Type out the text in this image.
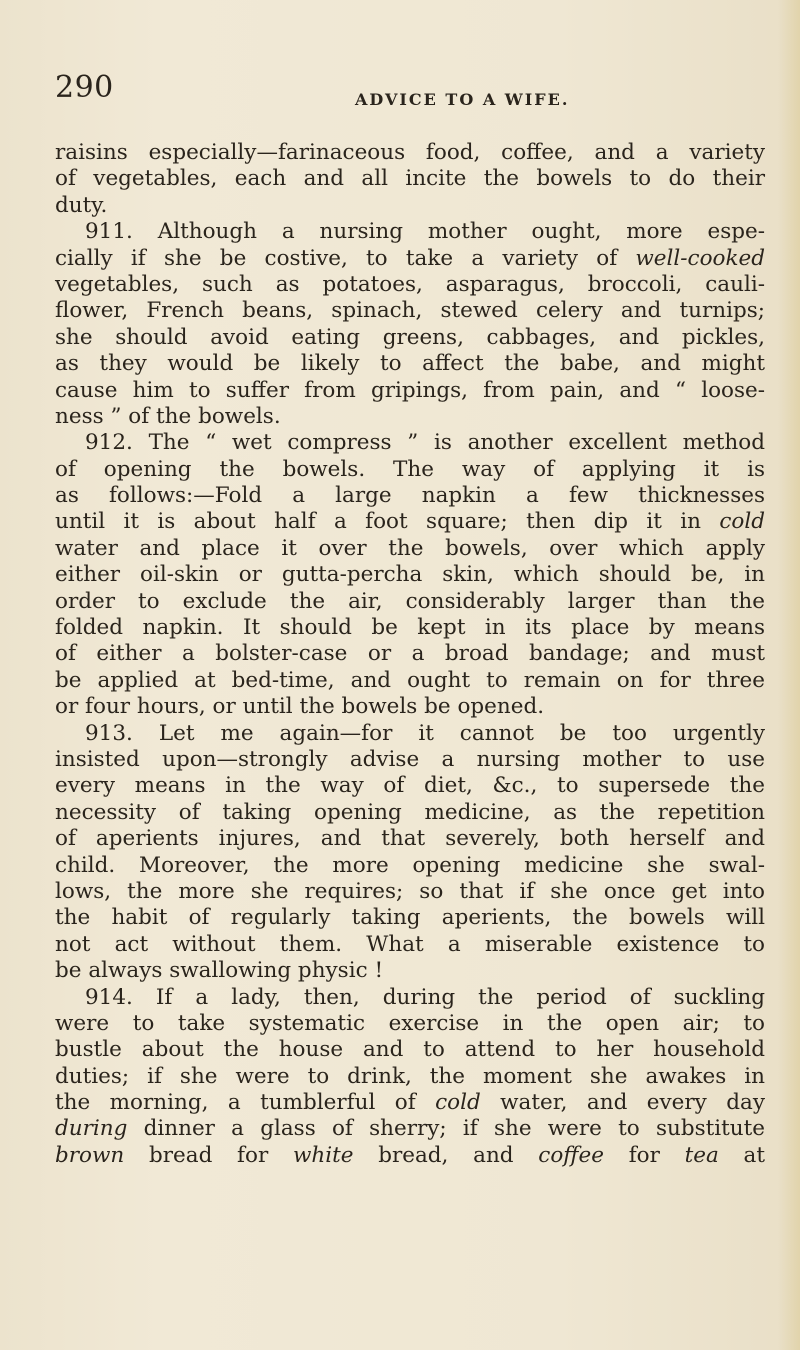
290	ADVICE TO A WIFE.
raisins especially—farinaceous food, coffee, and a variety
of vegetables, each and all incite the bowels to do their
duty.
911. Although a nursing mother ought, more espe-
cially if she be costive, to take a variety of well-cooked
vegetables, such as potatoes, asparagus, broccoli, cauli-
flower, French beans, spinach, stewed celery and turnips;
she should avoid eating greens, cabbages, and pickles,
as they would be likely to affect the babe, and might
cause him to suffer from gripings, from pain, and “ loose-
ness ” of the bowels.
912. The “ wet compress ” is another excellent method
of opening the bowels. The way of applying it is
as follows:—Fold a large napkin a few thicknesses
until it is about half a foot square; then dip it in cold
water and place it over the bowels, over which apply
either oil-skin or gutta-percha skin, which should be, in
order to exclude the air, considerably larger than the
folded napkin. It should be kept in its place by means
of either a bolster-case or a broad bandage; and must
be applied at bed-time, and ought to remain on for three
or four hours, or until the bowels be opened.
913. Let me again—for it cannot be too urgently
insisted upon—strongly advise a nursing mother to use
every means in the way of diet, &c., to supersede the
necessity of taking opening medicine, as the repetition
of aperients injures, and that severely, both herself and
child. Moreover, the more opening medicine she swal-
lows, the more she requires; so that if she once get into
the habit of regularly taking aperients, the bowels will
not act without them. What a miserable existence to
be always swallowing physic !
914. If a lady, then, during the period of suckling
were to take systematic exercise in the open air; to
bustle about the house and to attend to her household
duties; if she were to drink, the moment she awakes in
the morning, a tumblerful of cold water, and every day
during dinner a glass of sherry; if she were to substitute
brown bread for white bread, and coffee for tea at
